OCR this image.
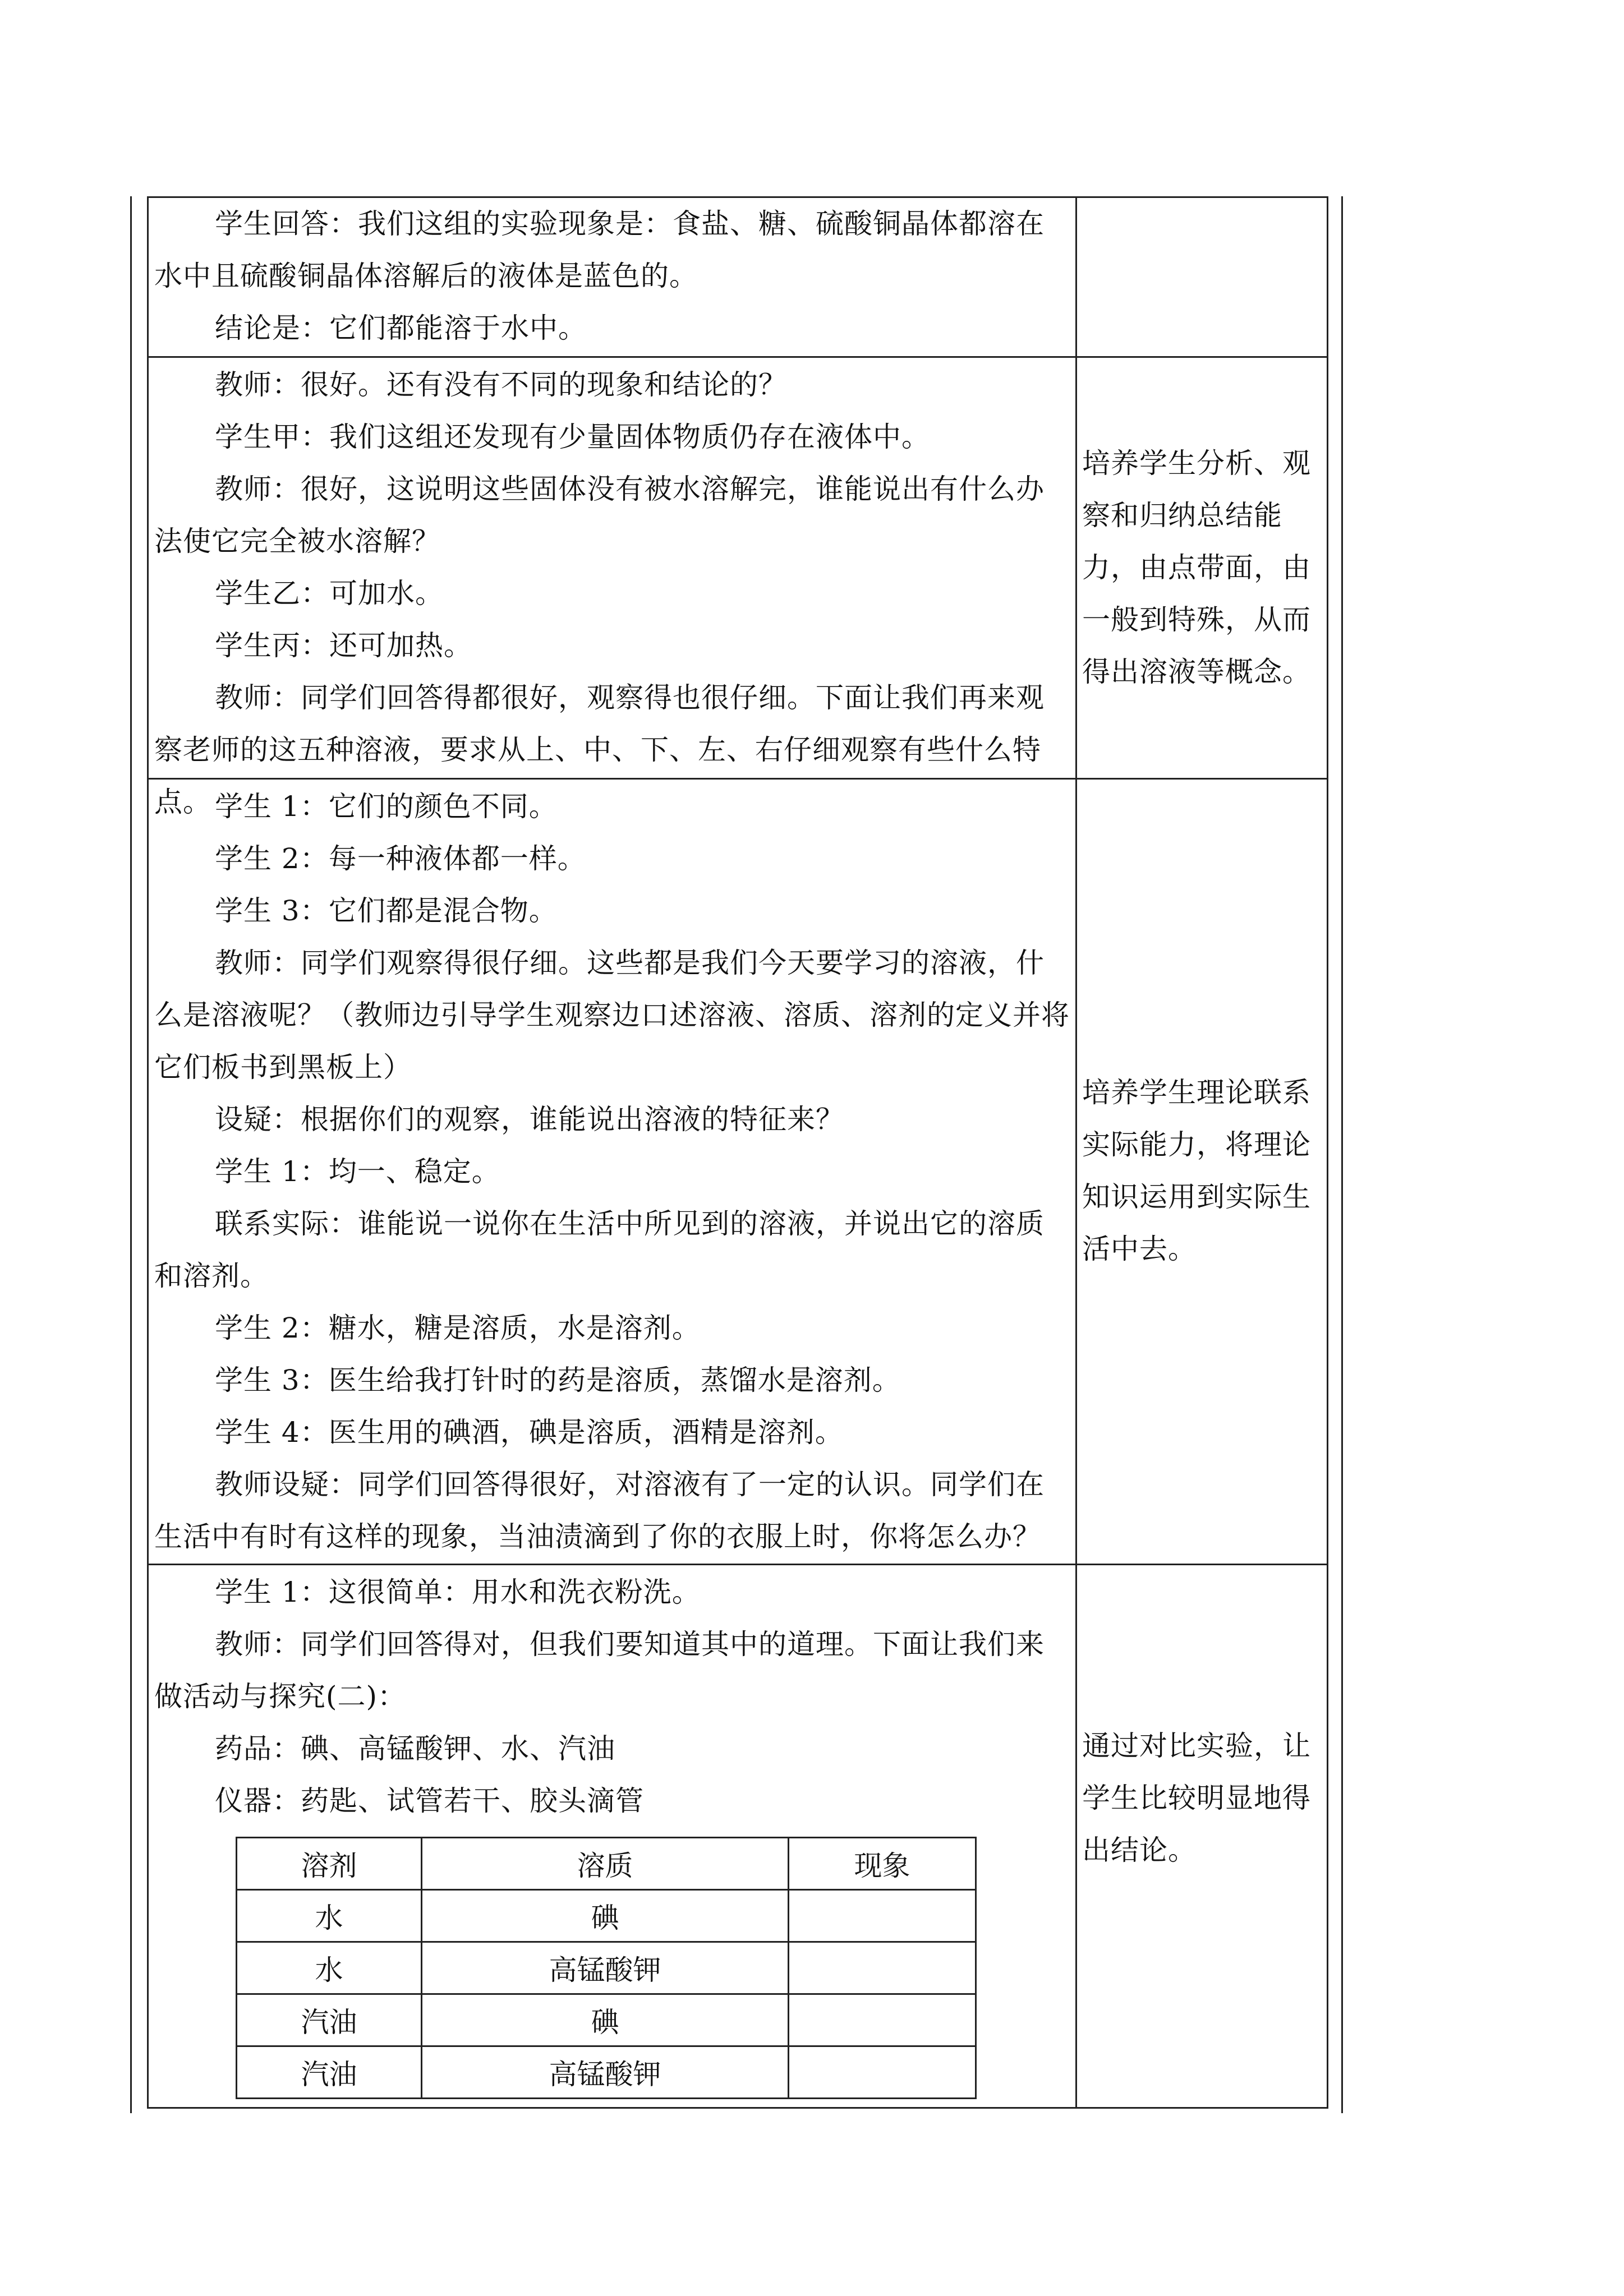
学生回答：我们这组的实验现象是：食盐、糖、硫酸铜晶体都溶在水中且硫酸铜晶体溶解后的液体是蓝色的。

结论是：它们都能溶于水中。

教师：很好。还有没有不同的现象和结论的？

学生甲：我们这组还发现有少量固体物质仍存在液体中。

教师：很好，这说明这些固体没有被水溶解完，谁能说出有什么办法使它完全被水溶解？

学生乙：可加水。

学生丙：还可加热。

教师：同学们回答得都很好，观察得也很仔细。下面让我们再来观察老师的这五种溶液，要求从上、中、下、左、右仔细观察有些什么特点。

培养学生分析、观察和归纳总结能力，由点带面，由一般到特殊，从而得出溶液等概念。

学生 1：它们的颜色不同。

学生 2：每一种液体都一样。

学生 3：它们都是混合物。

教师：同学们观察得很仔细。这些都是我们今天要学习的溶液，什么是溶液呢？（教师边引导学生观察边口述溶液、溶质、溶剂的定义并将它们板书到黑板上）

设疑：根据你们的观察，谁能说出溶液的特征来？

学生 1：均一、稳定。

联系实际：谁能说一说你在生活中所见到的溶液，并说出它的溶质和溶剂。

学生 2：糖水，糖是溶质，水是溶剂。

学生 3：医生给我打针时的药是溶质，蒸馏水是溶剂。

学生 4：医生用的碘酒，碘是溶质，酒精是溶剂。

教师设疑：同学们回答得很好，对溶液有了一定的认识。同学们在生活中有时有这样的现象，当油渍滴到了你的衣服上时，你将怎么办？

培养学生理论联系实际能力，将理论知识运用到实际生活中去。

学生 1：这很简单：用水和洗衣粉洗。

教师：同学们回答得对，但我们要知道其中的道理。下面让我们来做活动与探究(二)：

药品：碘、高锰酸钾、水、汽油

仪器：药匙、试管若干、胶头滴管

溶剂	溶质	现象
水	碘	
水	高锰酸钾	
汽油	碘	
汽油	高锰酸钾	
通过对比实验，让学生比较明显地得出结论。
